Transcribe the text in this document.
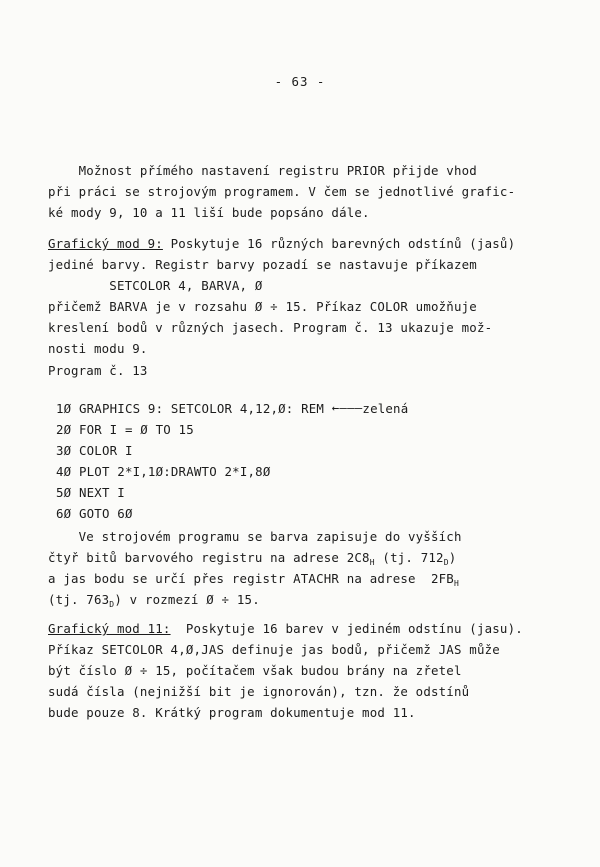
- 63 -
Možnost přímého nastavení registru PRIOR přijde vhod
při práci se strojovým programem. V čem se jednotlivé grafic-
ké mody 9, 10 a 11 liší bude popsáno dále.
Grafický mod 9: Poskytuje 16 různých barevných odstínů (jasů)
jediné barvy. Registr barvy pozadí se nastavuje příkazem
SETCOLOR 4, BARVA, Ø
přičemž BARVA je v rozsahu Ø ÷ 15. Příkaz COLOR umožňuje
kreslení bodů v různých jasech. Program č. 13 ukazuje mož-
nosti modu 9.
Program č. 13
1Ø GRAPHICS 9: SETCOLOR 4,12,Ø: REM ←———zelená
2Ø FOR I = Ø TO 15
3Ø COLOR I
4Ø PLOT 2*I,1Ø:DRAWTO 2*I,8Ø
5Ø NEXT I
6Ø GOTO 6Ø
Ve strojovém programu se barva zapisuje do vyšších
čtyř bitů barvového registru na adrese $2C8_H$ (tj. $712_D$)
a jas bodu se určí přes registr ATACHR na adrese  $2FB_H$
(tj. $763_D$) v rozmezí Ø ÷ 15.
Grafický mod 11:  Poskytuje 16 barev v jediném odstínu (jasu).
Příkaz SETCOLOR 4,Ø,JAS definuje jas bodů, přičemž JAS může
být číslo Ø ÷ 15, počítačem však budou brány na zřetel
sudá čísla (nejnižší bit je ignorován), tzn. že odstínů
bude pouze 8. Krátký program dokumentuje mod 11.
